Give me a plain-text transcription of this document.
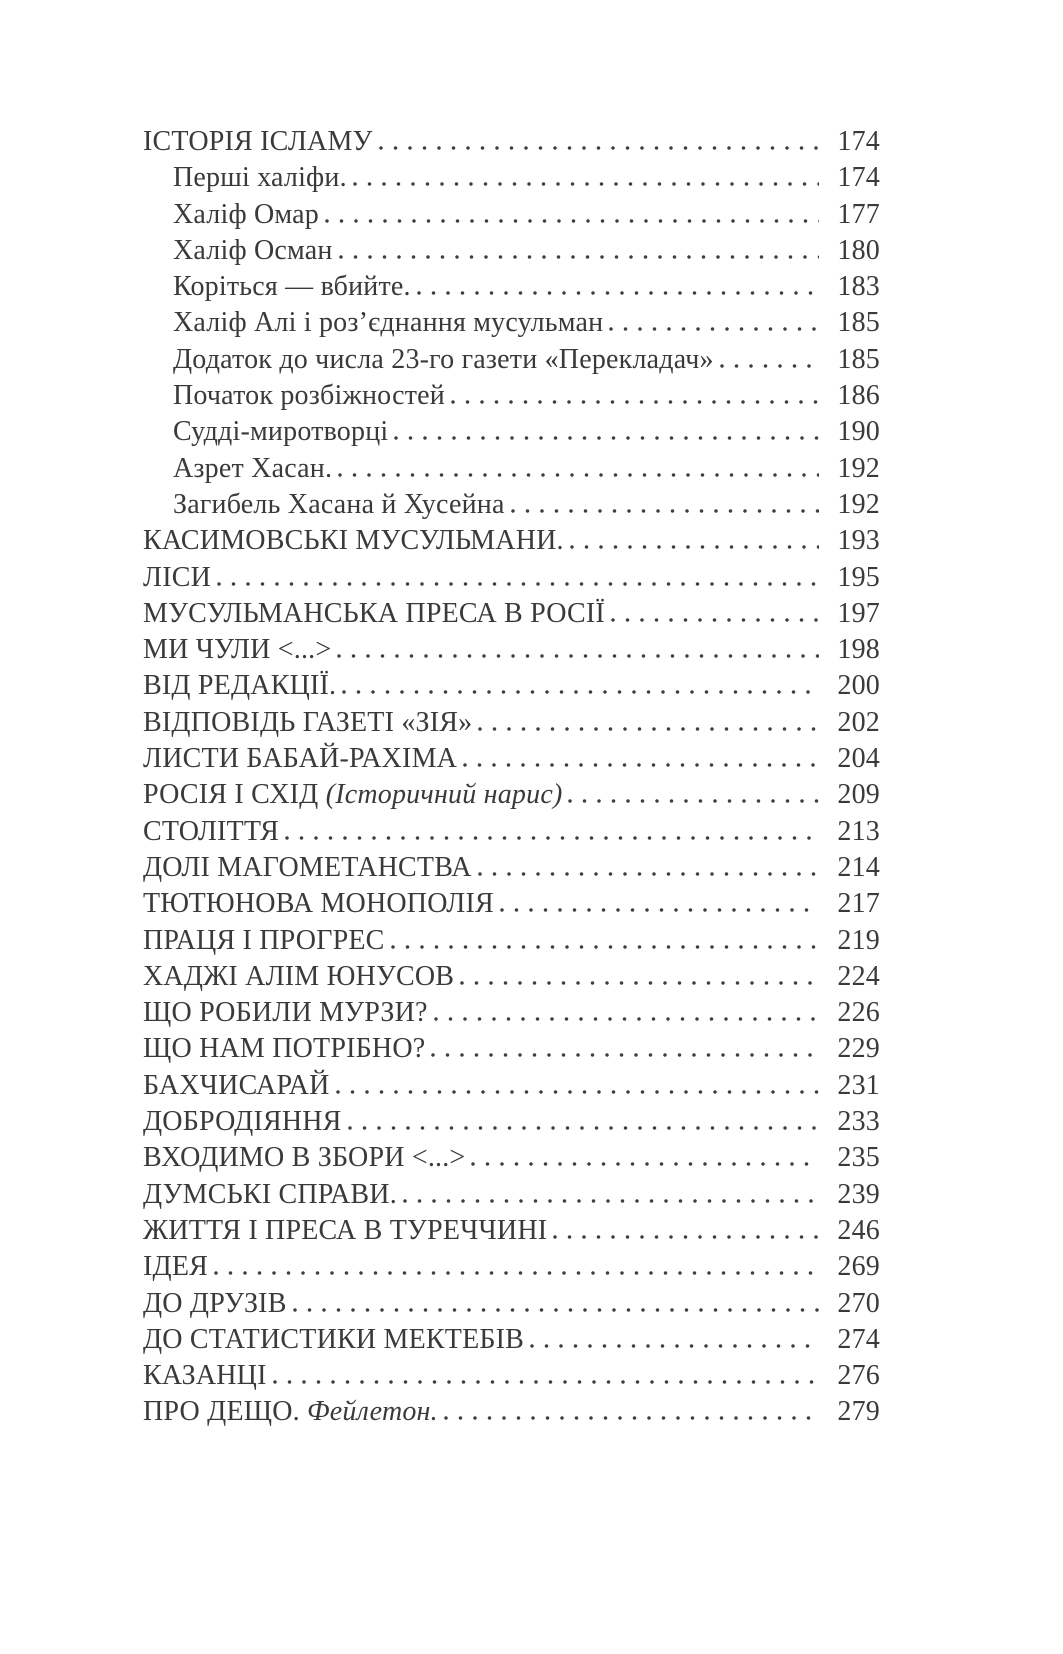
ІСТОРІЯ ІСЛАМУ	174
Перші халіфи.	174
Халіф Омар	177
Халіф Осман	180
Коріться — вбийте.	183
Халіф Алі і роз’єднання мусульман	185
Додаток до числа 23-го газети «Перекладач»	185
Початок розбіжностей	186
Судді-миротворці	190
Азрет Хасан.	192
Загибель Хасана й Хусейна	192
КАСИМОВСЬКІ МУСУЛЬМАНИ.	193
ЛІСИ	195
МУСУЛЬМАНСЬКА ПРЕСА В РОСІЇ	197
МИ ЧУЛИ <...>	198
ВІД РЕДАКЦІЇ.	200
ВІДПОВІДЬ ГАЗЕТІ «ЗІЯ»	202
ЛИСТИ БАБАЙ-РАХІМА	204
РОСІЯ І СХІД (Історичний нарис)	209
СТОЛІТТЯ	213
ДОЛІ МАГОМЕТАНСТВА	214
ТЮТЮНОВА МОНОПОЛІЯ	217
ПРАЦЯ І ПРОГРЕС	219
ХАДЖІ АЛІМ ЮНУСОВ	224
ЩО РОБИЛИ МУРЗИ?	226
ЩО НАМ ПОТРІБНО?	229
БАХЧИСАРАЙ	231
ДОБРОДІЯННЯ	233
ВХОДИМО В ЗБОРИ <...>	235
ДУМСЬКІ СПРАВИ.	239
ЖИТТЯ І ПРЕСА В ТУРЕЧЧИНІ	246
ІДЕЯ	269
ДО ДРУЗІВ	270
ДО СТАТИСТИКИ МЕКТЕБІВ	274
КАЗАНЦІ	276
ПРО ДЕЩО. Фейлетон.	279
